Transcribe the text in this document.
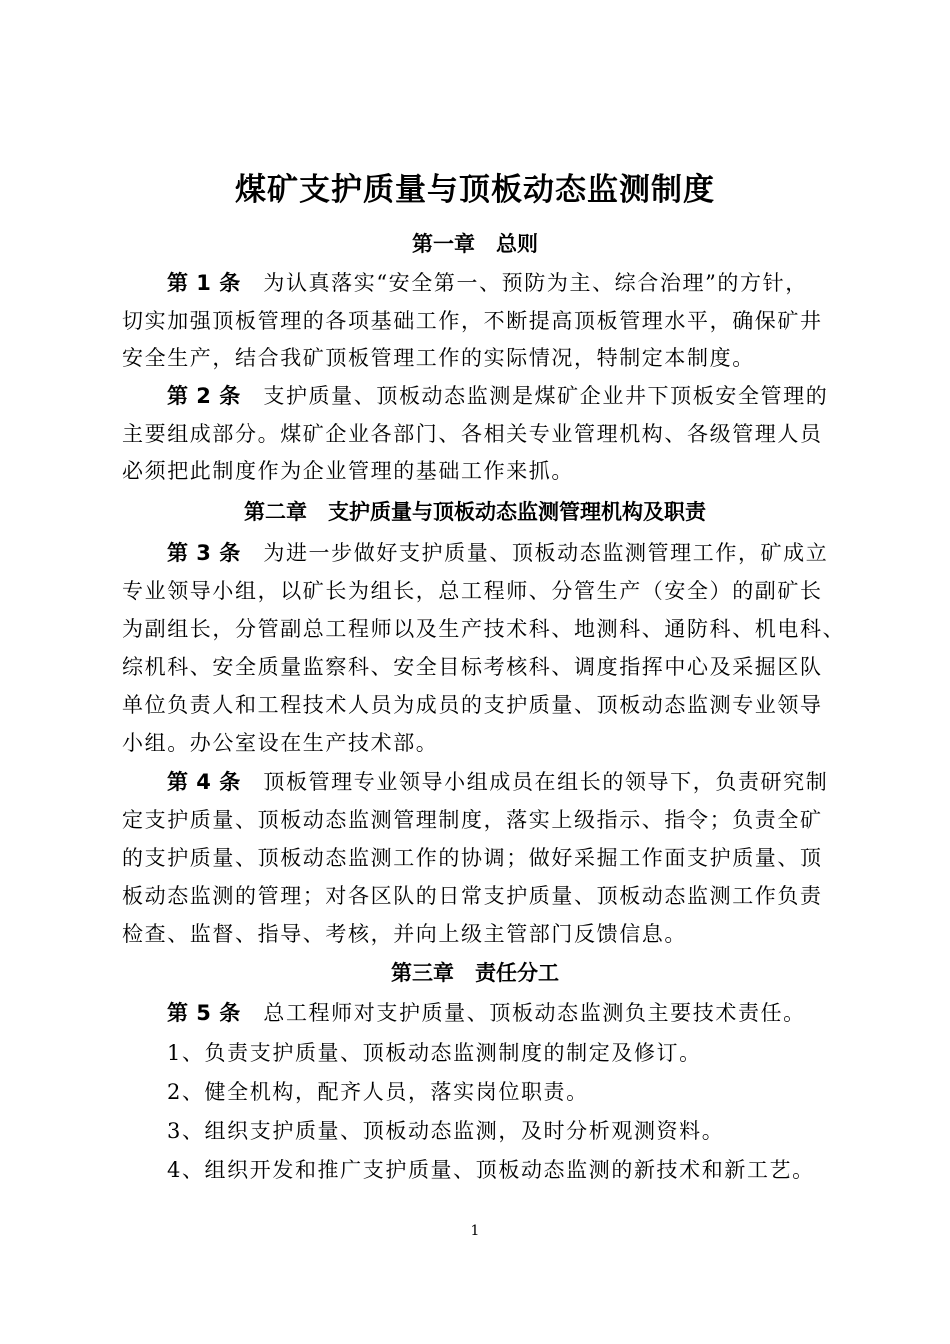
煤矿支护质量与顶板动态监测制度
第一章　总则
第 1 条　 为认真落实“安全第一、预防为主、综合治理”的方针，
切实加强顶板管理的各项基础工作，不断提高顶板管理水平，确保矿井
安全生产，结合我矿顶板管理工作的实际情况，特制定本制度。
第 2 条　 支护质量、顶板动态监测是煤矿企业井下顶板安全管理的
主要组成部分。煤矿企业各部门、各相关专业管理机构、各级管理人员
必须把此制度作为企业管理的基础工作来抓。
第二章　支护质量与顶板动态监测管理机构及职责
第 3 条　 为进一步做好支护质量、顶板动态监测管理工作，矿成立
专业领导小组，以矿长为组长，总工程师、分管生产（安全）的副矿长
为副组长，分管副总工程师以及生产技术科、地测科、通防科、机电科、
综机科、安全质量监察科、安全目标考核科、调度指挥中心及采掘区队
单位负责人和工程技术人员为成员的支护质量、顶板动态监测专业领导
小组。办公室设在生产技术部。
第 4 条　 顶板管理专业领导小组成员在组长的领导下，负责研究制
定支护质量、顶板动态监测管理制度，落实上级指示、指令；负责全矿
的支护质量、顶板动态监测工作的协调；做好采掘工作面支护质量、顶
板动态监测的管理；对各区队的日常支护质量、顶板动态监测工作负责
检查、监督、指导、考核，并向上级主管部门反馈信息。
第三章　责任分工
第 5 条　 总工程师对支护质量、顶板动态监测负主要技术责任。
1、负责支护质量、顶板动态监测制度的制定及修订。
2、健全机构，配齐人员，落实岗位职责。
3、组织支护质量、顶板动态监测，及时分析观测资料。
4、组织开发和推广支护质量、顶板动态监测的新技术和新工艺。
1
